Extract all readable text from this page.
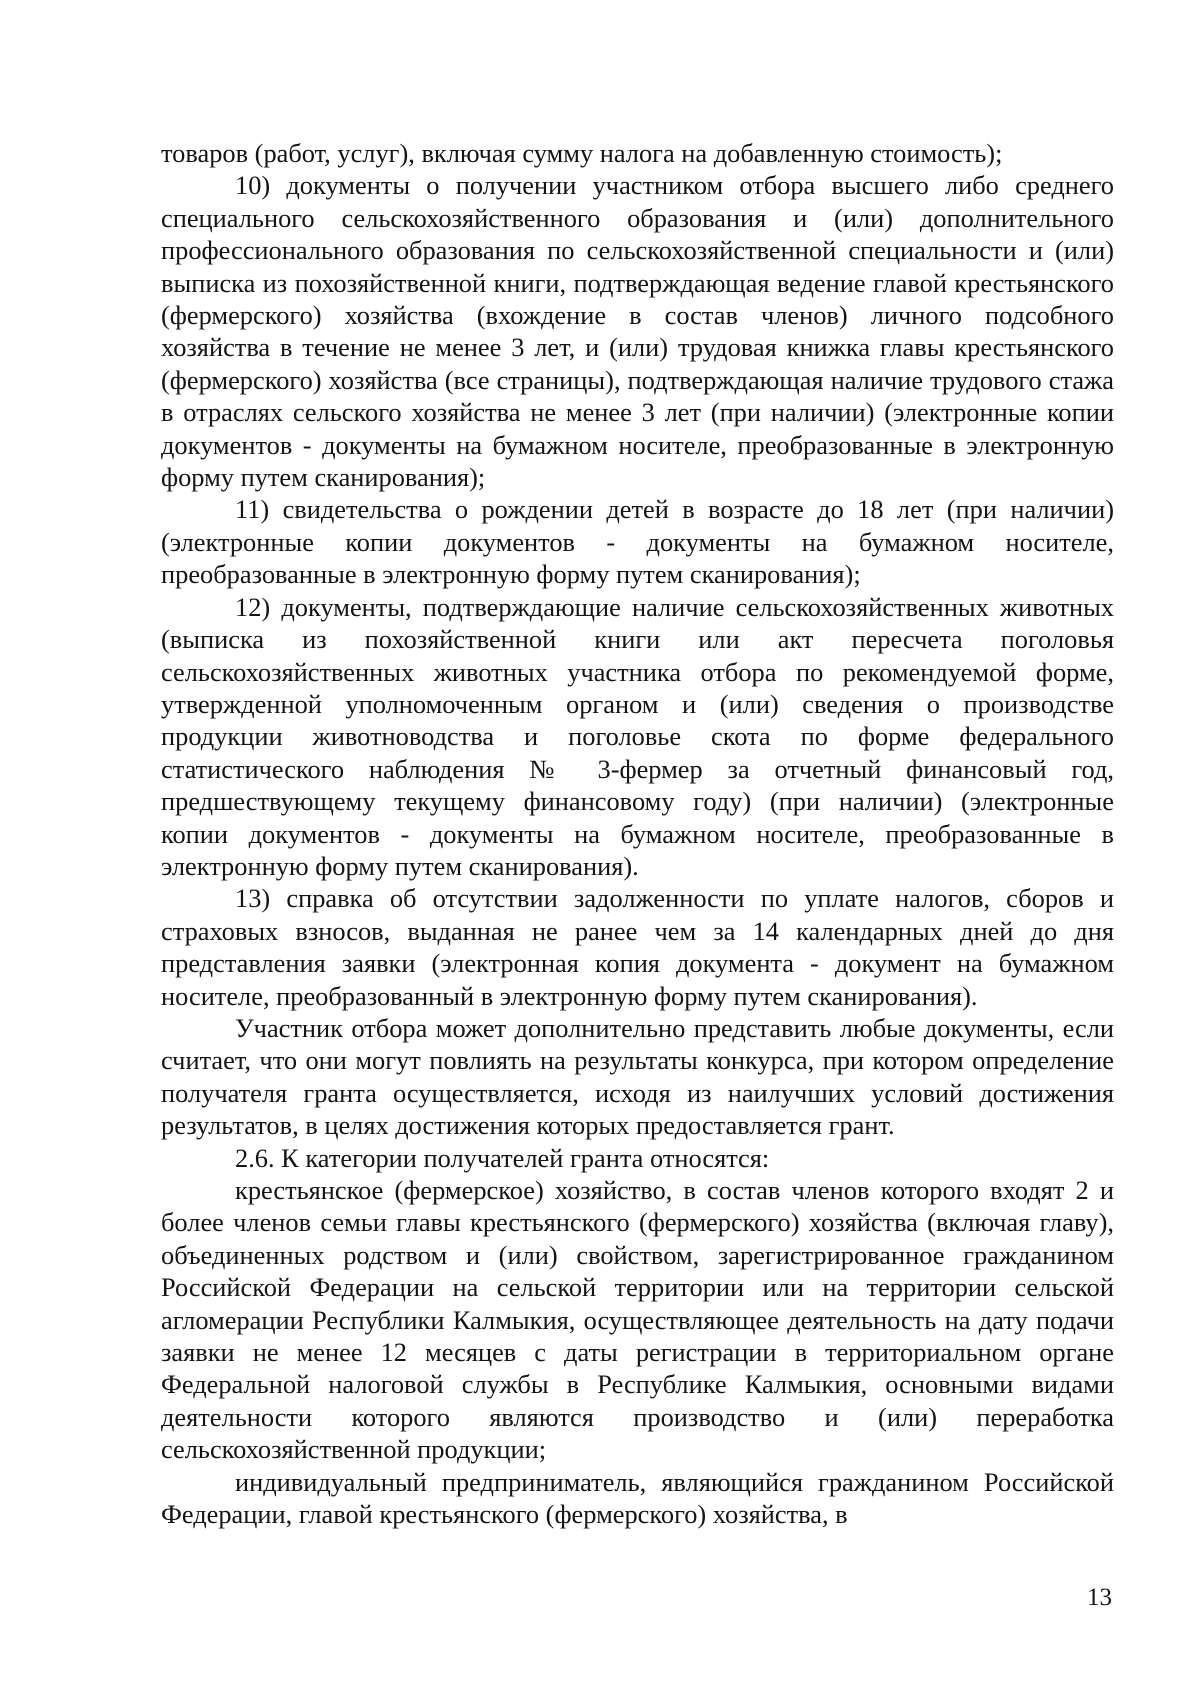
товаров (работ, услуг), включая сумму налога на добавленную стоимость);

10) документы о получении участником отбора высшего либо среднего специального сельскохозяйственного образования и (или) дополнительного профессионального образования по сельскохозяйственной специальности и (или) выписка из похозяйственной книги, подтверждающая ведение главой крестьянского (фермерского) хозяйства (вхождение в состав членов) личного подсобного хозяйства в течение не менее 3 лет, и (или) трудовая книжка главы крестьянского (фермерского) хозяйства (все страницы), подтверждающая наличие трудового стажа в отраслях сельского хозяйства не менее 3 лет (при наличии) (электронные копии документов - документы на бумажном носителе, преобразованные в электронную форму путем сканирования);

11) свидетельства о рождении детей в возрасте до 18 лет (при наличии) (электронные копии документов - документы на бумажном носителе, преобразованные в электронную форму путем сканирования);

12) документы, подтверждающие наличие сельскохозяйственных животных (выписка из похозяйственной книги или акт пересчета поголовья сельскохозяйственных животных участника отбора по рекомендуемой форме, утвержденной уполномоченным органом и (или) сведения о производстве продукции животноводства и поголовье скота по форме федерального статистического наблюдения № 3-фермер за отчетный финансовый год, предшествующему текущему финансовому году) (при наличии) (электронные копии документов - документы на бумажном носителе, преобразованные в электронную форму путем сканирования).

13) справка об отсутствии задолженности по уплате налогов, сборов и страховых взносов, выданная не ранее чем за 14 календарных дней до дня представления заявки (электронная копия документа - документ на бумажном носителе, преобразованный в электронную форму путем сканирования).

Участник отбора может дополнительно представить любые документы, если считает, что они могут повлиять на результаты конкурса, при котором определение получателя гранта осуществляется, исходя из наилучших условий достижения результатов, в целях достижения которых предоставляется грант.

2.6. К категории получателей гранта относятся:

крестьянское (фермерское) хозяйство, в состав членов которого входят 2 и более членов семьи главы крестьянского (фермерского) хозяйства (включая главу), объединенных родством и (или) свойством, зарегистрированное гражданином Российской Федерации на сельской территории или на территории сельской агломерации Республики Калмыкия, осуществляющее деятельность на дату подачи заявки не менее 12 месяцев с даты регистрации в территориальном органе Федеральной налоговой службы в Республике Калмыкия, основными видами деятельности которого являются производство и (или) переработка сельскохозяйственной продукции;

индивидуальный предприниматель, являющийся гражданином Российской Федерации, главой крестьянского (фермерского) хозяйства, в

13
